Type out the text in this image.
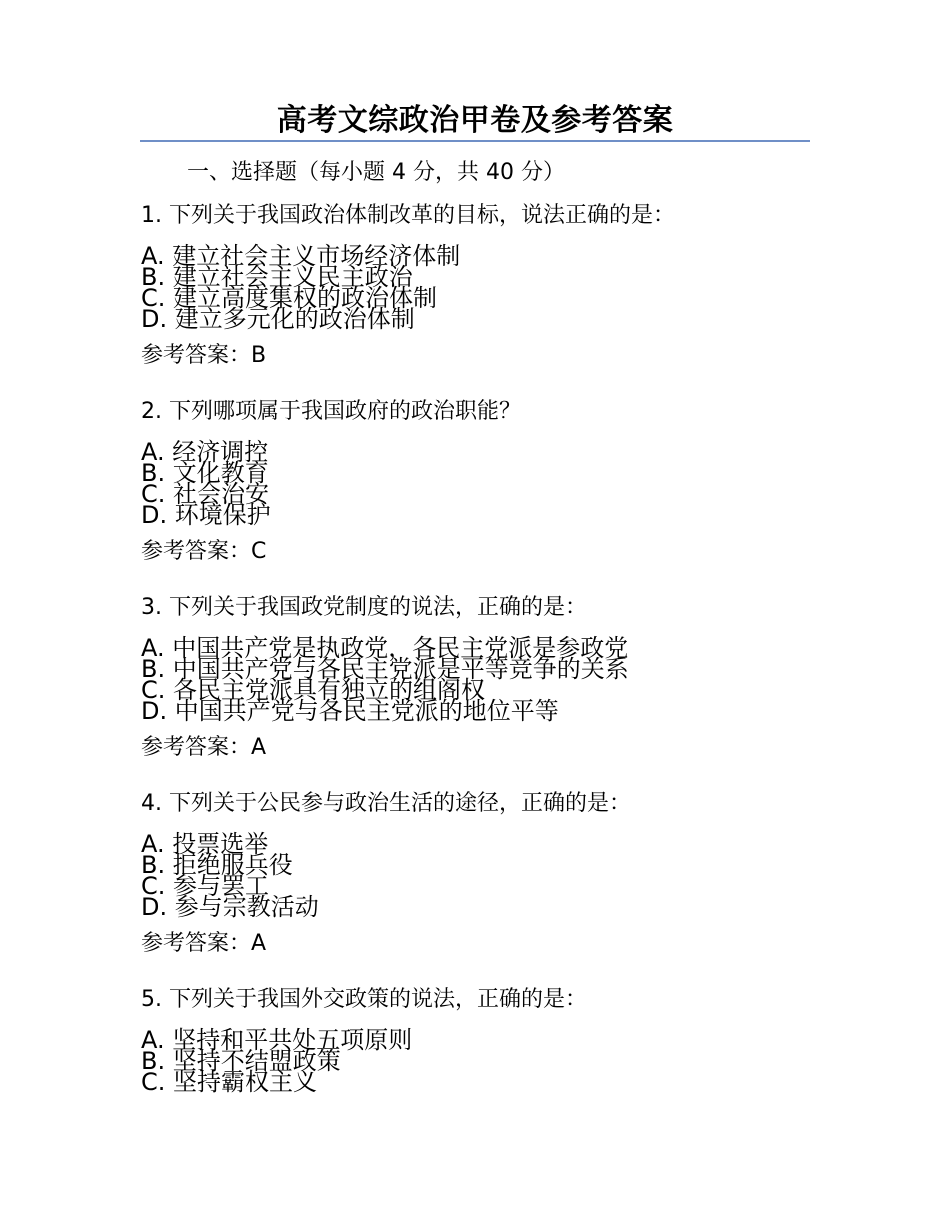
高考文综政治甲卷及参考答案
一、选择题（每小题 4 分，共 40 分）
1. 下列关于我国政治体制改革的目标，说法正确的是：
A. 建立社会主义市场经济体制
B. 建立社会主义民主政治
C. 建立高度集权的政治体制
D. 建立多元化的政治体制
参考答案：B
2. 下列哪项属于我国政府的政治职能？
A. 经济调控
B. 文化教育
C. 社会治安
D. 环境保护
参考答案：C
3. 下列关于我国政党制度的说法，正确的是：
A. 中国共产党是执政党，各民主党派是参政党
B. 中国共产党与各民主党派是平等竞争的关系
C. 各民主党派具有独立的组阁权
D. 中国共产党与各民主党派的地位平等
参考答案：A
4. 下列关于公民参与政治生活的途径，正确的是：
A. 投票选举
B. 拒绝服兵役
C. 参与罢工
D. 参与宗教活动
参考答案：A
5. 下列关于我国外交政策的说法，正确的是：
A. 坚持和平共处五项原则
B. 坚持不结盟政策
C. 坚持霸权主义
